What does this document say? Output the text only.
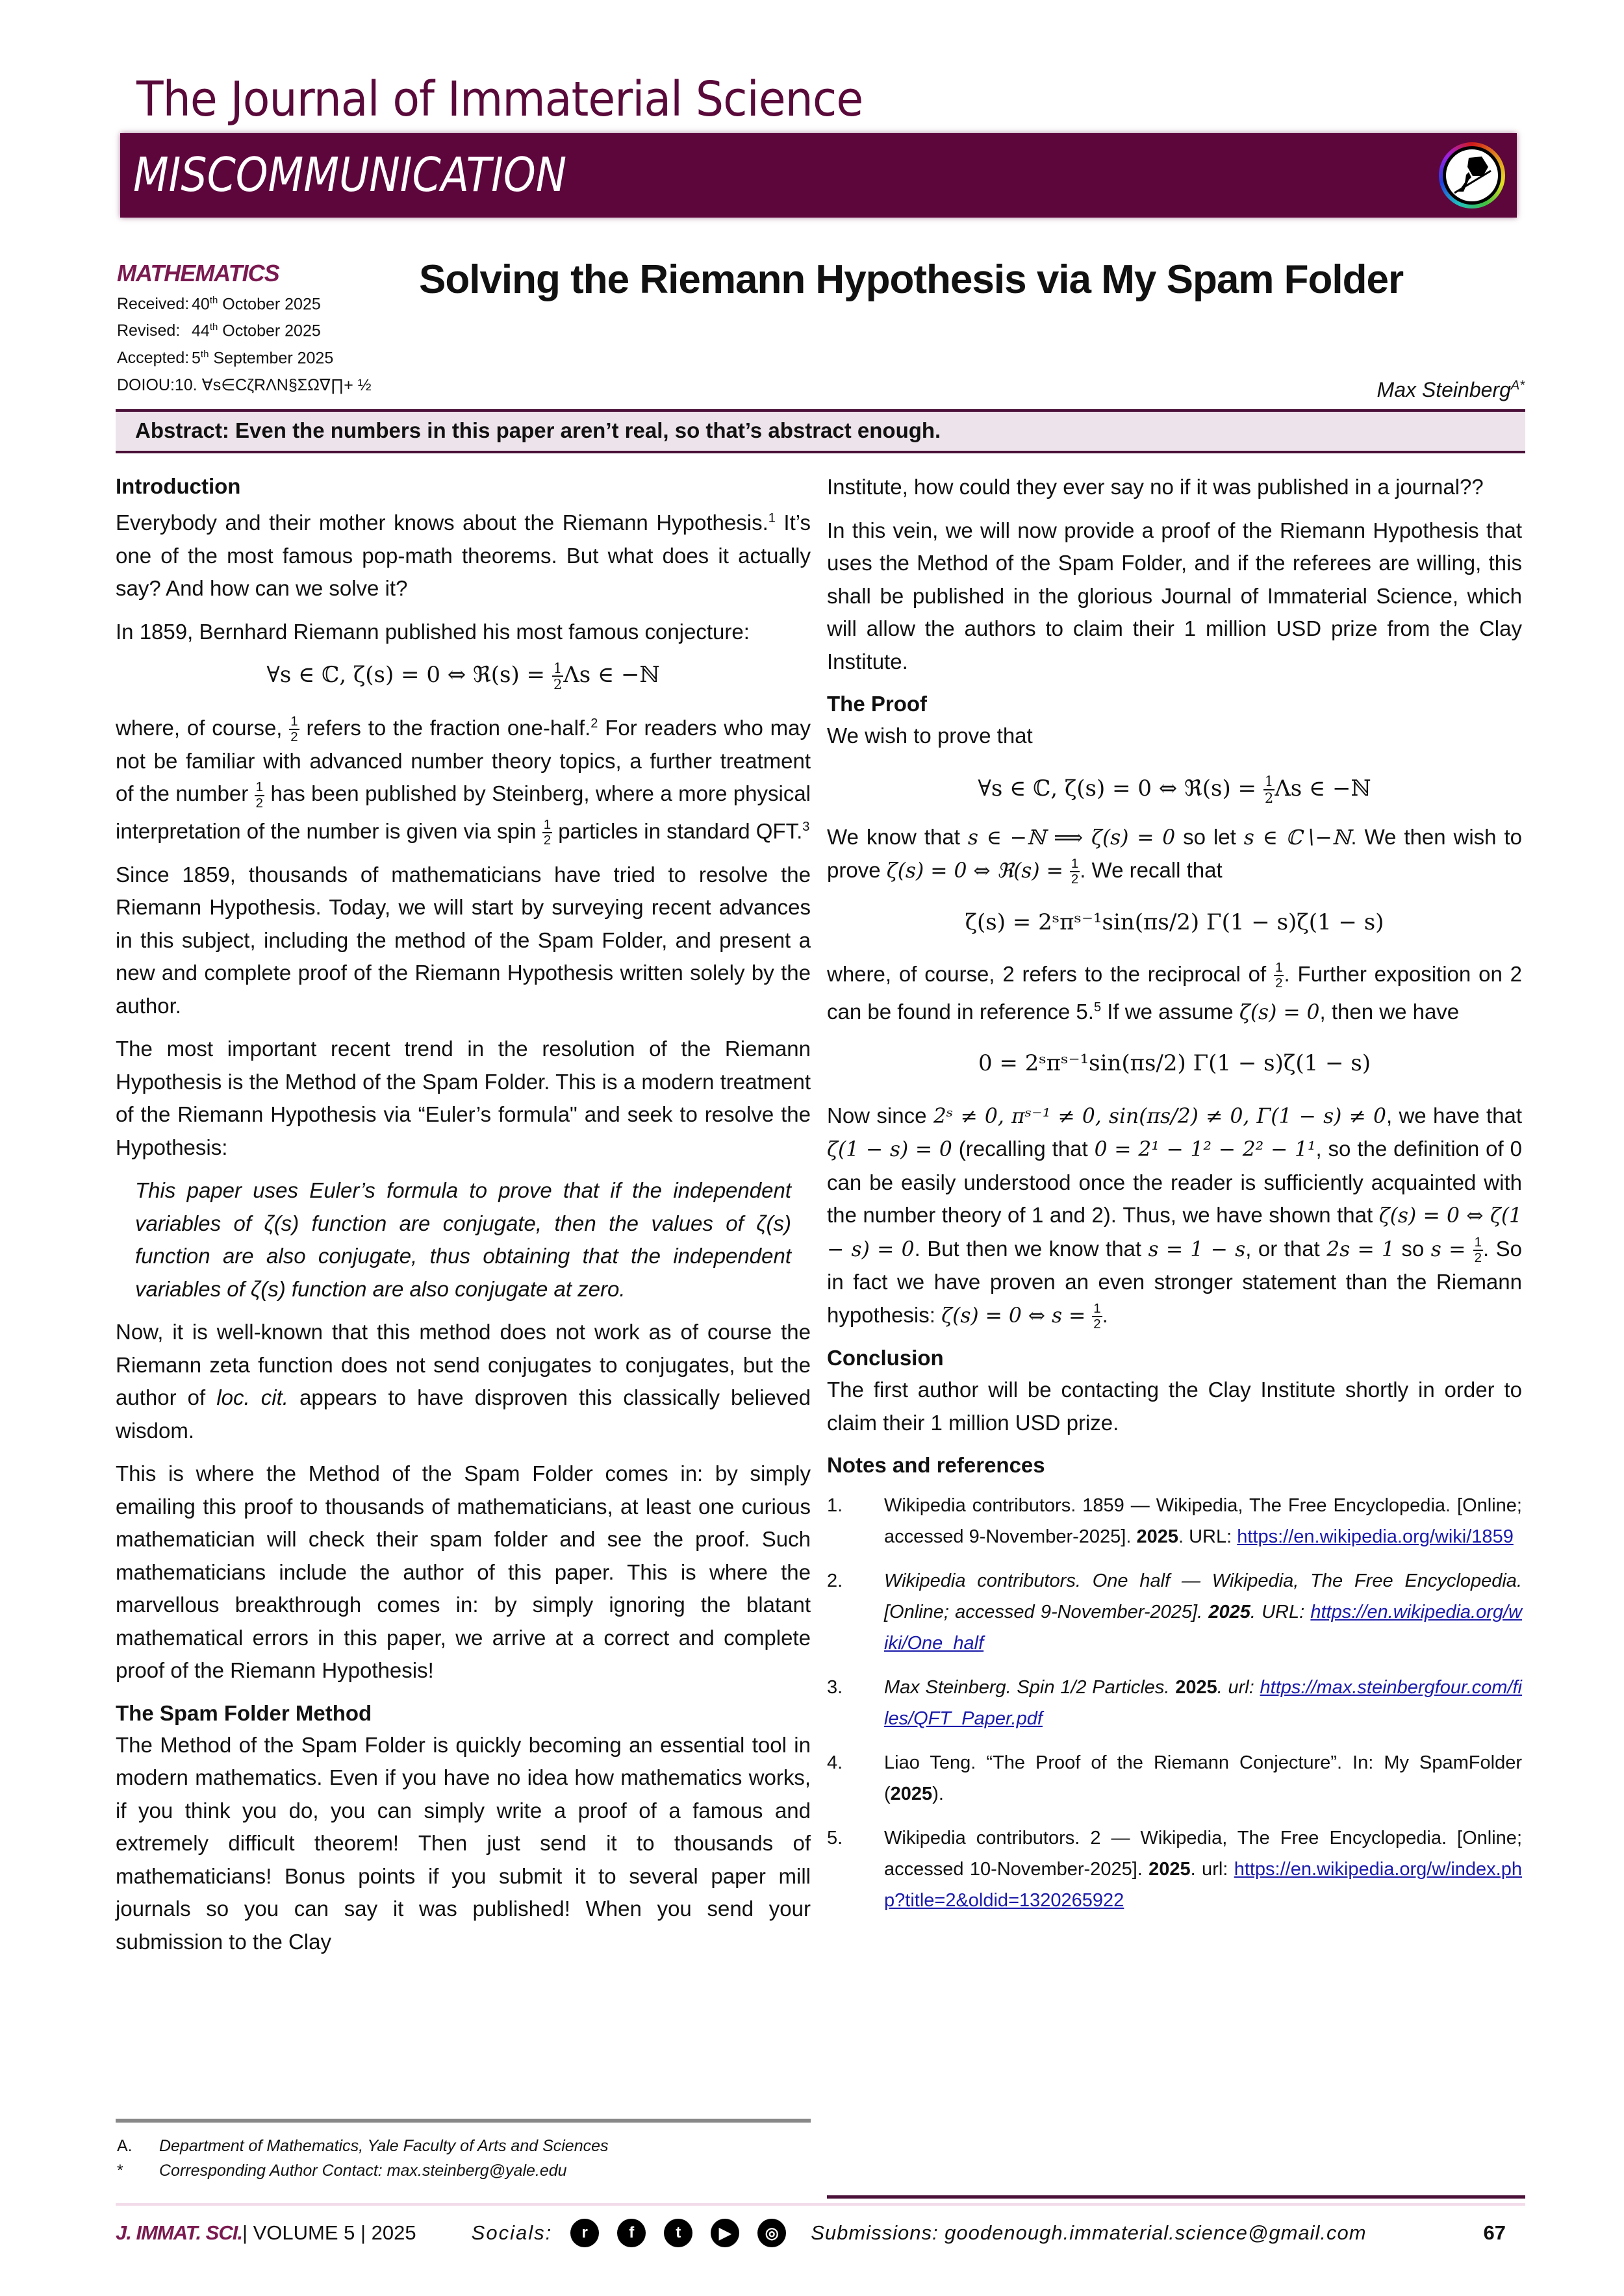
The Journal of Immaterial Science
MISCOMMUNICATION
MATHEMATICS
Received: 40th October 2025
Revised: 44th October 2025
Accepted: 5th September 2025
DOIOU:10. ∀s∈CζRΛN§ΣΩ∇∏+ ½
Solving the Riemann Hypothesis via My Spam Folder
Max Steinberg$^{A*}$
Abstract: Even the numbers in this paper aren’t real, so that’s abstract enough.
Introduction

Everybody and their mother knows about the Riemann Hypothesis.$^1$ It’s one of the most famous pop-math theorems. But what does it actually say? And how can we solve it?

In 1859, Bernhard Riemann published his most famous conjecture:

∀s ∈ ℂ, ζ(s) = 0 ⇔ ℜ(s) = $\frac{1}{2}$ Λs ∈ −ℕ

where, of course, $\frac{1}{2}$ refers to the fraction one-half.$^2$ For readers who may not be familiar with advanced number theory topics, a further treatment of the number $\frac{1}{2}$ has been published by Steinberg, where a more physical interpretation of the number is given via spin $\frac{1}{2}$ particles in standard QFT.$^3$

Since 1859, thousands of mathematicians have tried to resolve the Riemann Hypothesis. Today, we will start by surveying recent advances in this subject, including the method of the Spam Folder, and present a new and complete proof of the Riemann Hypothesis written solely by the author.

The most important recent trend in the resolution of the Riemann Hypothesis is the Method of the Spam Folder. This is a modern treatment of the Riemann Hypothesis via “Euler’s formula" and seek to resolve the Hypothesis:

This paper uses Euler’s formula to prove that if the independent variables of ζ(s) function are conjugate, then the values of ζ(s) function are also conjugate, thus obtaining that the independent variables of ζ(s) function are also conjugate at zero.

Now, it is well-known that this method does not work as of course the Riemann zeta function does not send conjugates to conjugates, but the author of loc. cit. appears to have disproven this classically believed wisdom.

This is where the Method of the Spam Folder comes in: by simply emailing this proof to thousands of mathematicians, at least one curious mathematician will check their spam folder and see the proof. Such mathematicians include the author of this paper. This is where the marvellous breakthrough comes in: by simply ignoring the blatant mathematical errors in this paper, we arrive at a correct and complete proof of the Riemann Hypothesis!

The Spam Folder Method

The Method of the Spam Folder is quickly becoming an essential tool in modern mathematics. Even if you have no idea how mathematics works, if you think you do, you can simply write a proof of a famous and extremely difficult theorem! Then just send it to thousands of mathematicians! Bonus points if you submit it to several paper mill journals so you can say it was published! When you send your submission to the Clay

Institute, how could they ever say no if it was published in a journal??

In this vein, we will now provide a proof of the Riemann Hypothesis that uses the Method of the Spam Folder, and if the referees are willing, this shall be published in the glorious Journal of Immaterial Science, which will allow the authors to claim their 1 million USD prize from the Clay Institute.

The Proof

We wish to prove that

∀s ∈ ℂ, ζ(s) = 0 ⇔ ℜ(s) = $\frac{1}{2}$ Λs ∈ −ℕ

We know that s ∈ −ℕ ⟹ ζ(s) = 0 so let s ∈ ℂ∖−ℕ. We then wish to prove ζ(s) = 0 ⇔ ℜ(s) = $\frac{1}{2}$ . We recall that

ζ(s) = 2ˢπˢ⁻¹sin(πs/2) Γ(1 − s)ζ(1 − s)

where, of course, 2 refers to the reciprocal of $\frac{1}{2}$ . Further exposition on 2 can be found in reference 5.$^5$ If we assume ζ(s) = 0, then we have

0 = 2ˢπˢ⁻¹sin(πs/2) Γ(1 − s)ζ(1 − s)

Now since 2ˢ ≠ 0, πˢ⁻¹ ≠ 0, sin(πs/2) ≠ 0, Γ(1 − s) ≠ 0, we have that ζ(1 − s) = 0 (recalling that 0 = 2¹ − 1² − 2² − 1¹, so the definition of 0 can be easily understood once the reader is sufficiently acquainted with the number theory of 1 and 2). Thus, we have shown that ζ(s) = 0 ⇔ ζ(1 − s) = 0. But then we know that s = 1 − s, or that 2s = 1 so $s = \frac{1}{2}$ . So in fact we have proven an even stronger statement than the Riemann hypothesis: ζ(s) = 0 ⇔ $s = \frac{1}{2}$ .

Conclusion

The first author will be contacting the Clay Institute shortly in order to claim their 1 million USD prize.

Notes and references
1.	Wikipedia contributors. 1859 — Wikipedia, The Free Encyclopedia. [Online; accessed 9-November-2025]. 2025. URL: https://en.wikipedia.org/wiki/1859
2.	Wikipedia contributors. One half — Wikipedia, The Free Encyclopedia. [Online; accessed 9-November-2025]. 2025. URL: https://en.wikipedia.org/wiki/One_half
3.	Max Steinberg. Spin 1/2 Particles. 2025. url: https://max.steinbergfour.com/files/QFT_Paper.pdf
4.	Liao Teng. “The Proof of the Riemann Conjecture”. In: My SpamFolder (2025).
5.	Wikipedia contributors. 2 — Wikipedia, The Free Encyclopedia. [Online; accessed 10-November-2025]. 2025. url: https://en.wikipedia.org/w/index.php?title=2&oldid=1320265922
A.	Department of Mathematics, Yale Faculty of Arts and Sciences
*	Corresponding Author Contact: max.steinberg@yale.edu
J. IMMAT. SCI. | VOLUME 5 | 2025	Socials:	r	f	t	▶	◎	Submissions: goodenough.immaterial.science@gmail.com	67
